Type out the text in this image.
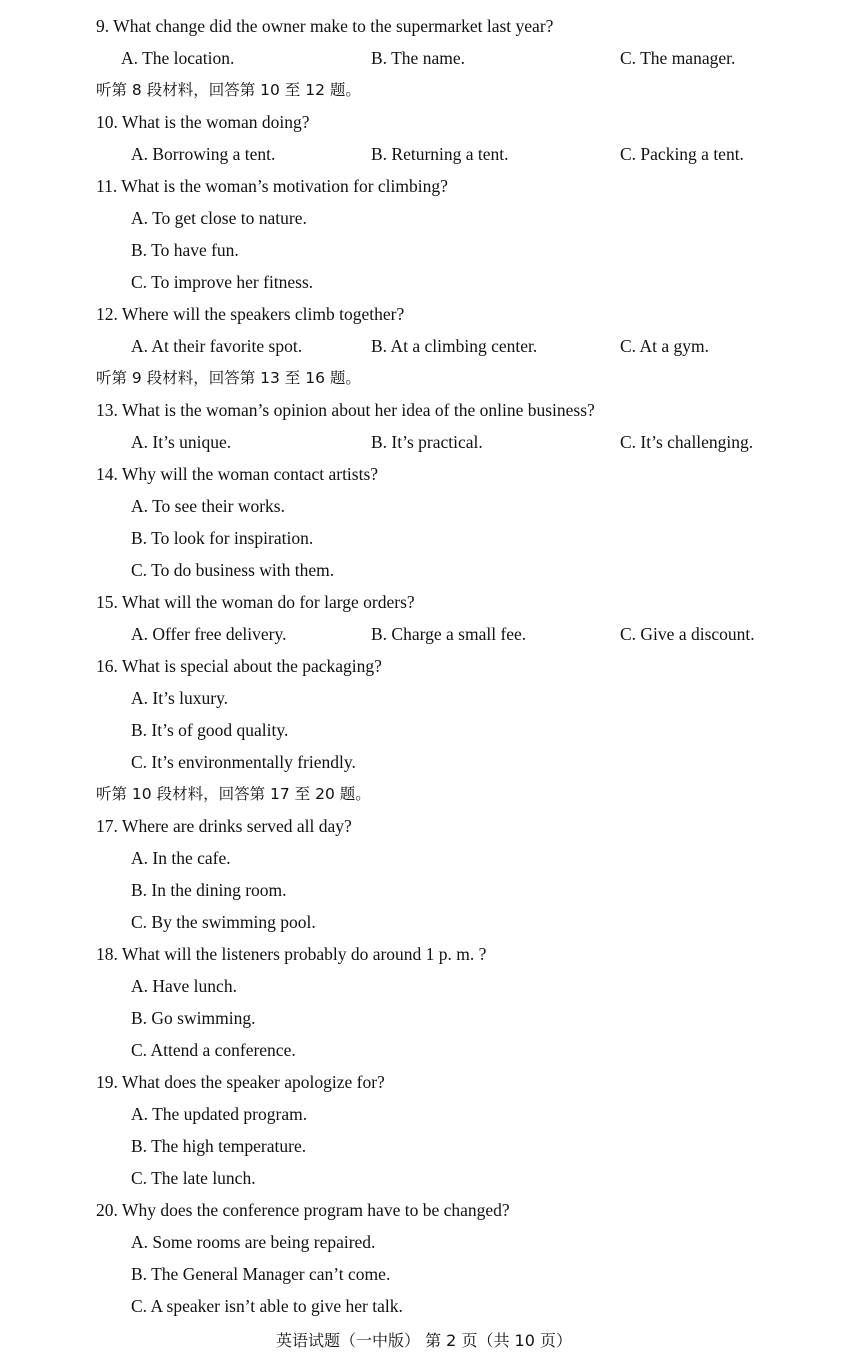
9. What change did the owner make to the supermarket last year?
A. The location.	B. The name.	C. The manager.
听第 8 段材料，回答第 10 至 12 题。
10. What is the woman doing?
A. Borrowing a tent.	B. Returning a tent.	C. Packing a tent.
11. What is the woman’s motivation for climbing?
A. To get close to nature.
B. To have fun.
C. To improve her fitness.
12. Where will the speakers climb together?
A. At their favorite spot.	B. At a climbing center.	C. At a gym.
听第 9 段材料，回答第 13 至 16 题。
13. What is the woman’s opinion about her idea of the online business?
A. It’s unique.	B. It’s practical.	C. It’s challenging.
14. Why will the woman contact artists?
A. To see their works.
B. To look for inspiration.
C. To do business with them.
15. What will the woman do for large orders?
A. Offer free delivery.	B. Charge a small fee.	C. Give a discount.
16. What is special about the packaging?
A. It’s luxury.
B. It’s of good quality.
C. It’s environmentally friendly.
听第 10 段材料，回答第 17 至 20 题。
17. Where are drinks served all day?
A. In the cafe.
B. In the dining room.
C. By the swimming pool.
18. What will the listeners probably do around 1 p. m. ?
A. Have lunch.
B. Go swimming.
C. Attend a conference.
19. What does the speaker apologize for?
A. The updated program.
B. The high temperature.
C. The late lunch.
20. Why does the conference program have to be changed?
A. Some rooms are being repaired.
B. The General Manager can’t come.
C. A speaker isn’t able to give her talk.
英语试题（一中版） 第 2 页（共 10 页）
